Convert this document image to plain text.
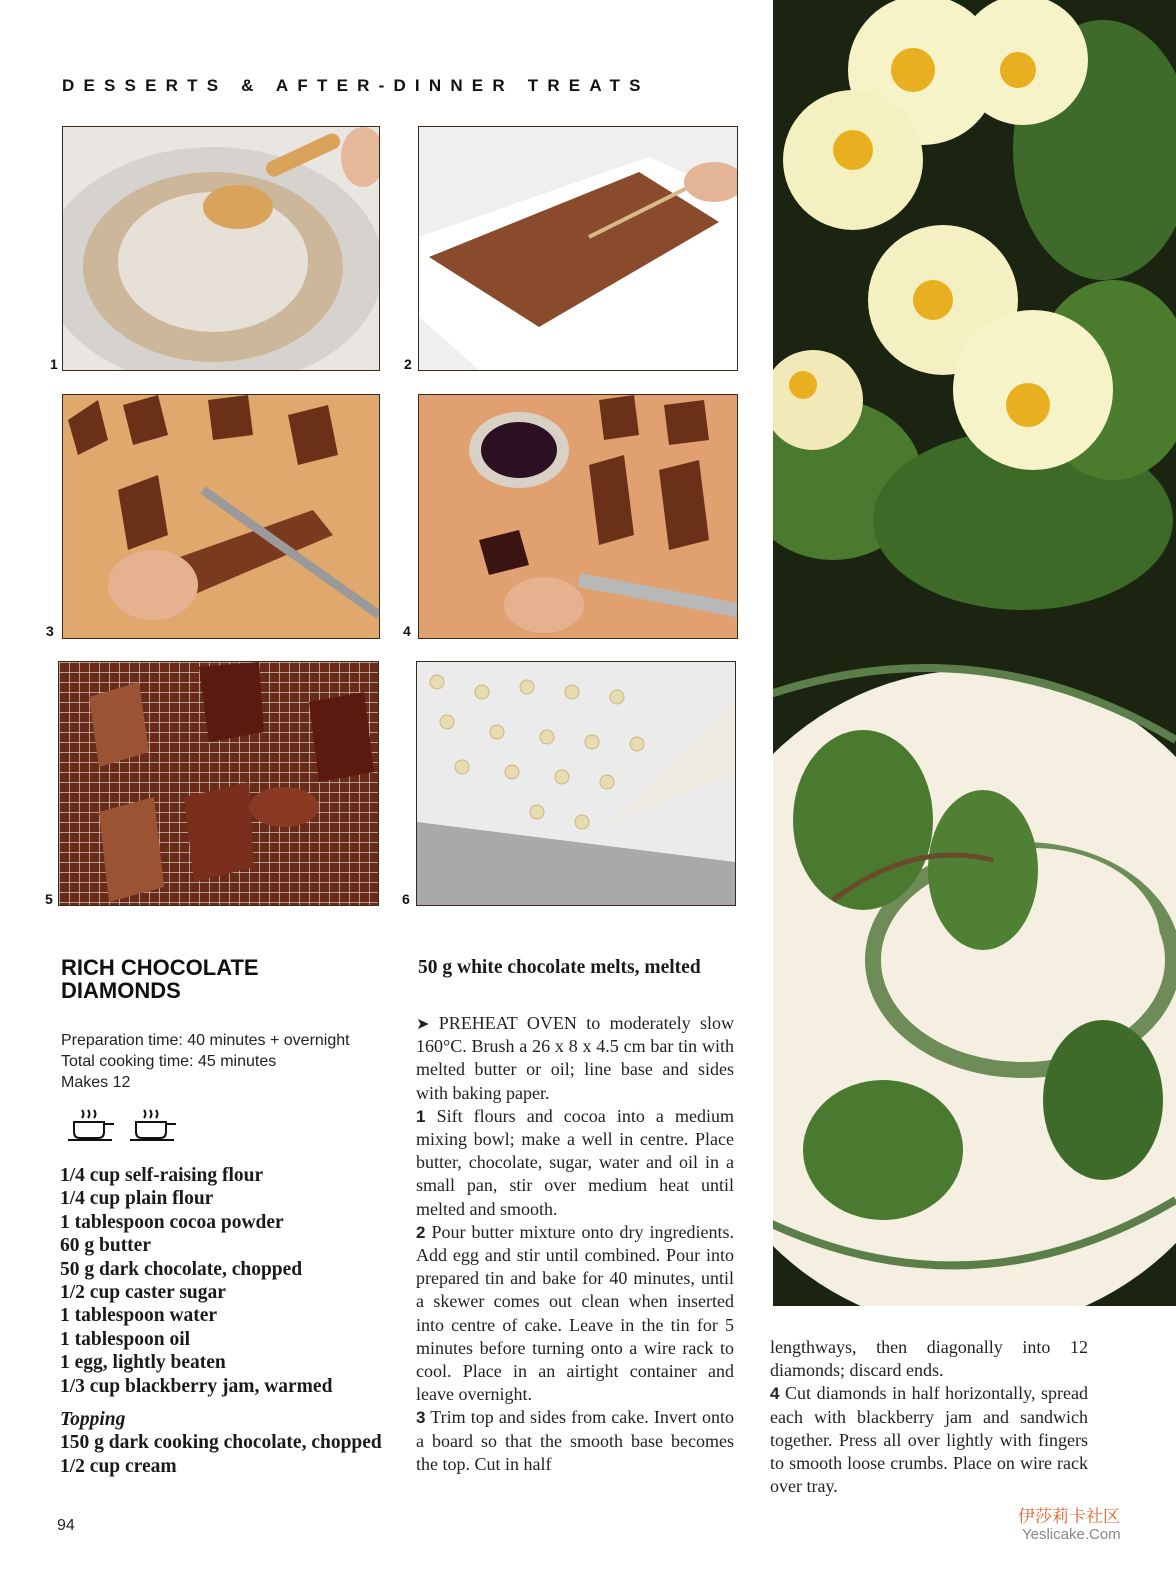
DESSERTS & AFTER-DINNER TREATS
1	2
3	4
5	6
RICH CHOCOLATE
DIAMONDS
Preparation time: 40 minutes + overnight
Total cooking time: 45 minutes
Makes 12
1/4 cup self-raising flour
1/4 cup plain flour
1 tablespoon cocoa powder
60 g butter
50 g dark chocolate, chopped
1/2 cup caster sugar
1 tablespoon water
1 tablespoon oil
1 egg, lightly beaten
1/3 cup blackberry jam, warmed
Topping
150 g dark cooking chocolate, chopped
1/2 cup cream
50 g white chocolate melts, melted

➤ PREHEAT OVEN to moderately slow 160°C. Brush a 26 x 8 x 4.5 cm bar tin with melted butter or oil; line base and sides with baking paper.

1 Sift flours and cocoa into a medium mixing bowl; make a well in centre. Place butter, chocolate, sugar, water and oil in a small pan, stir over medium heat until melted and smooth.

2 Pour butter mixture onto dry ingredients. Add egg and stir until combined. Pour into prepared tin and bake for 40 minutes, until a skewer comes out clean when inserted into centre of cake. Leave in the tin for 5 minutes before turning onto a wire rack to cool. Place in an airtight container and leave overnight.

3 Trim top and sides from cake. Invert onto a board so that the smooth base becomes the top. Cut in half

lengthways, then diagonally into 12 diamonds; discard ends.

4 Cut diamonds in half horizontally, spread each with blackberry jam and sandwich together. Press all over lightly with fingers to smooth loose crumbs. Place on wire rack over tray.

94	伊莎莉卡社区
Yeslicake.Com
